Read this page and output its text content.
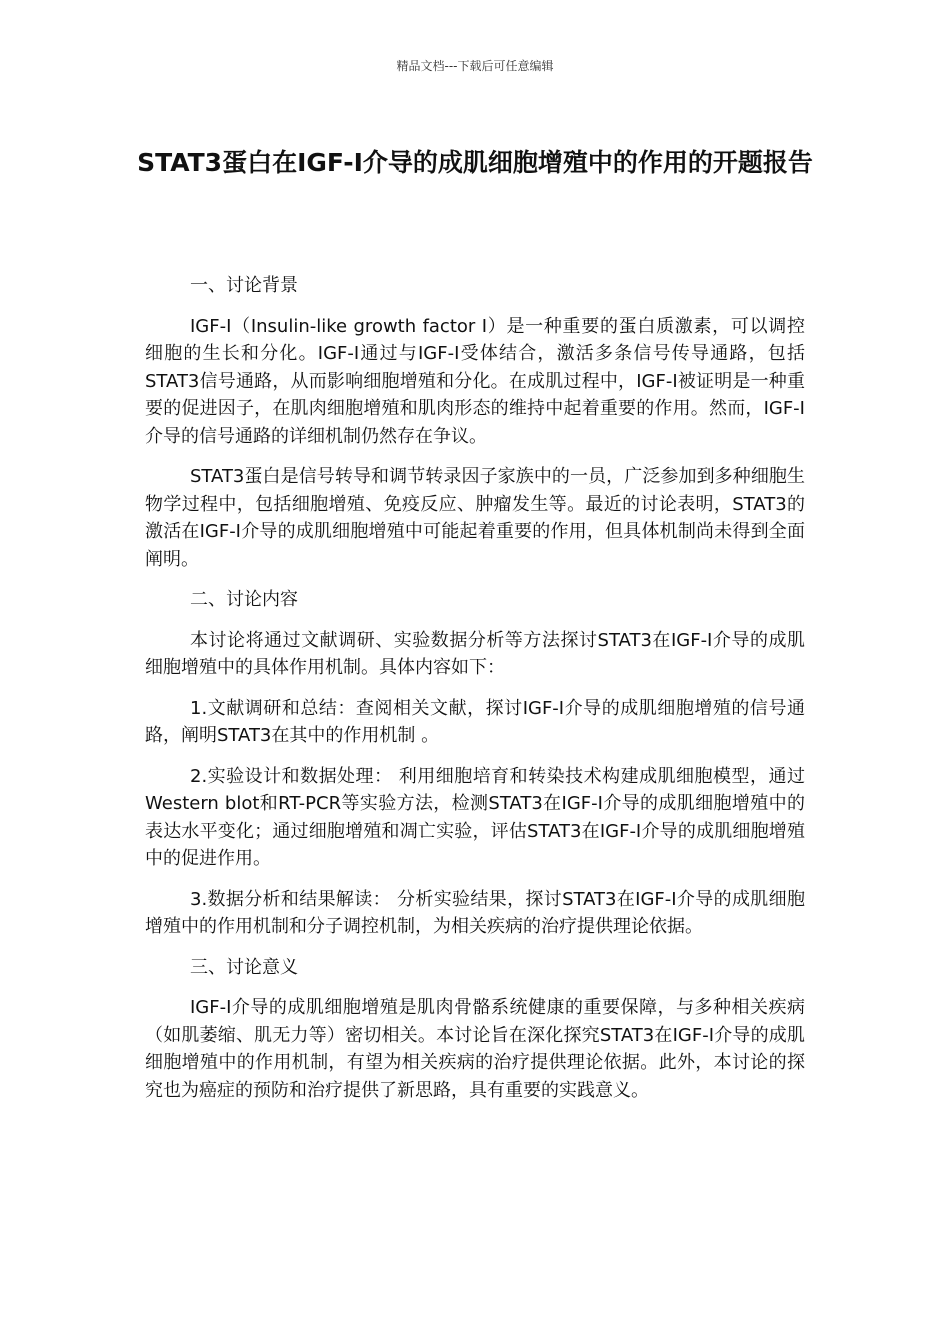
精品文档---下载后可任意编辑
STAT3蛋白在IGF-I介导的成肌细胞增殖中的作用的开题报告

一、讨论背景

IGF-I（Insulin-like growth factor I）是一种重要的蛋白质激素，可以调控细胞的生长和分化。IGF-I通过与IGF-I受体结合，激活多条信号传导通路，包括STAT3信号通路，从而影响细胞增殖和分化。在成肌过程中，IGF-I被证明是一种重要的促进因子，在肌肉细胞增殖和肌肉形态的维持中起着重要的作用。然而，IGF-I介导的信号通路的详细机制仍然存在争议。

STAT3蛋白是信号转导和调节转录因子家族中的一员，广泛参加到多种细胞生物学过程中，包括细胞增殖、免疫反应、肿瘤发生等。最近的讨论表明，STAT3的激活在IGF-I介导的成肌细胞增殖中可能起着重要的作用，但具体机制尚未得到全面阐明。

二、讨论内容

本讨论将通过文献调研、实验数据分析等方法探讨STAT3在IGF-I介导的成肌细胞增殖中的具体作用机制。具体内容如下：

1.文献调研和总结：查阅相关文献，探讨IGF-I介导的成肌细胞增殖的信号通路，阐明STAT3在其中的作用机制 。

2.实验设计和数据处理： 利用细胞培育和转染技术构建成肌细胞模型，通过Western blot和RT-PCR等实验方法，检测STAT3在IGF-I介导的成肌细胞增殖中的表达水平变化；通过细胞增殖和凋亡实验，评估STAT3在IGF-I介导的成肌细胞增殖中的促进作用。

3.数据分析和结果解读： 分析实验结果，探讨STAT3在IGF-I介导的成肌细胞增殖中的作用机制和分子调控机制，为相关疾病的治疗提供理论依据。

三、讨论意义

IGF-I介导的成肌细胞增殖是肌肉骨骼系统健康的重要保障，与多种相关疾病（如肌萎缩、肌无力等）密切相关。本讨论旨在深化探究STAT3在IGF-I介导的成肌细胞增殖中的作用机制，有望为相关疾病的治疗提供理论依据。此外，本讨论的探究也为癌症的预防和治疗提供了新思路，具有重要的实践意义。
